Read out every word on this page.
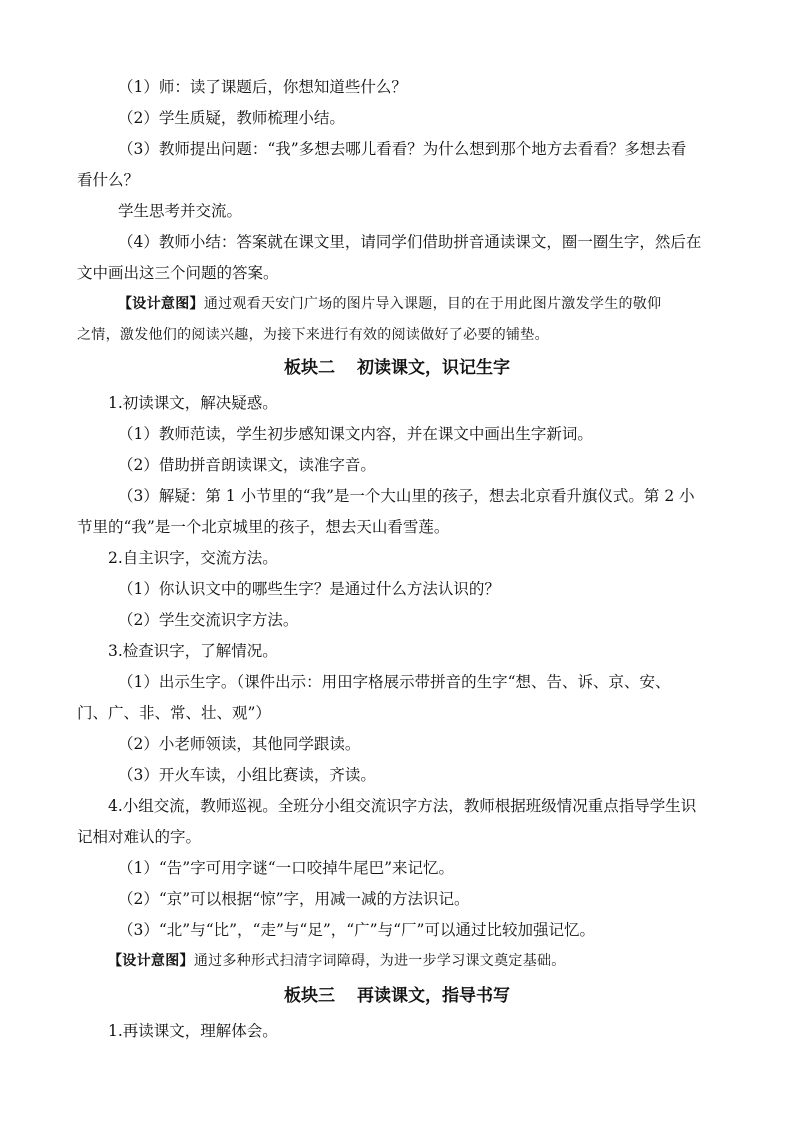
（1）师：读了课题后，你想知道些什么？
（2）学生质疑，教师梳理小结。
（3）教师提出问题：“我”多想去哪儿看看？为什么想到那个地方去看看？多想去看
看什么？
学生思考并交流。
（4）教师小结：答案就在课文里，请同学们借助拼音通读课文，圈一圈生字，然后在
文中画出这三个问题的答案。
【设计意图】通过观看天安门广场的图片导入课题，目的在于用此图片激发学生的敬仰
之情，激发他们的阅读兴趣，为接下来进行有效的阅读做好了必要的铺垫。
板块二 初读课文，识记生字
1.初读课文，解决疑惑。
（1）教师范读，学生初步感知课文内容，并在课文中画出生字新词。
（2）借助拼音朗读课文，读准字音。
（3）解疑：第 1 小节里的“我”是一个大山里的孩子，想去北京看升旗仪式。第 2 小
节里的“我”是一个北京城里的孩子，想去天山看雪莲。
2.自主识字，交流方法。
（1）你认识文中的哪些生字？是通过什么方法认识的？
（2）学生交流识字方法。
3.检查识字，了解情况。
（1）出示生字。（课件出示：用田字格展示带拼音的生字“想、告、诉、京、安、
门、广、非、常、壮、观”）
（2）小老师领读，其他同学跟读。
（3）开火车读，小组比赛读，齐读。
4.小组交流，教师巡视。全班分小组交流识字方法，教师根据班级情况重点指导学生识
记相对难认的字。
（1）“告”字可用字谜“一口咬掉牛尾巴”来记忆。
（2）“京”可以根据“惊”字，用减一减的方法识记。
（3）“北”与“比”，“走”与“足”，“广”与“厂”可以通过比较加强记忆。
【设计意图】通过多种形式扫清字词障碍，为进一步学习课文奠定基础。
板块三 再读课文，指导书写
1.再读课文，理解体会。
